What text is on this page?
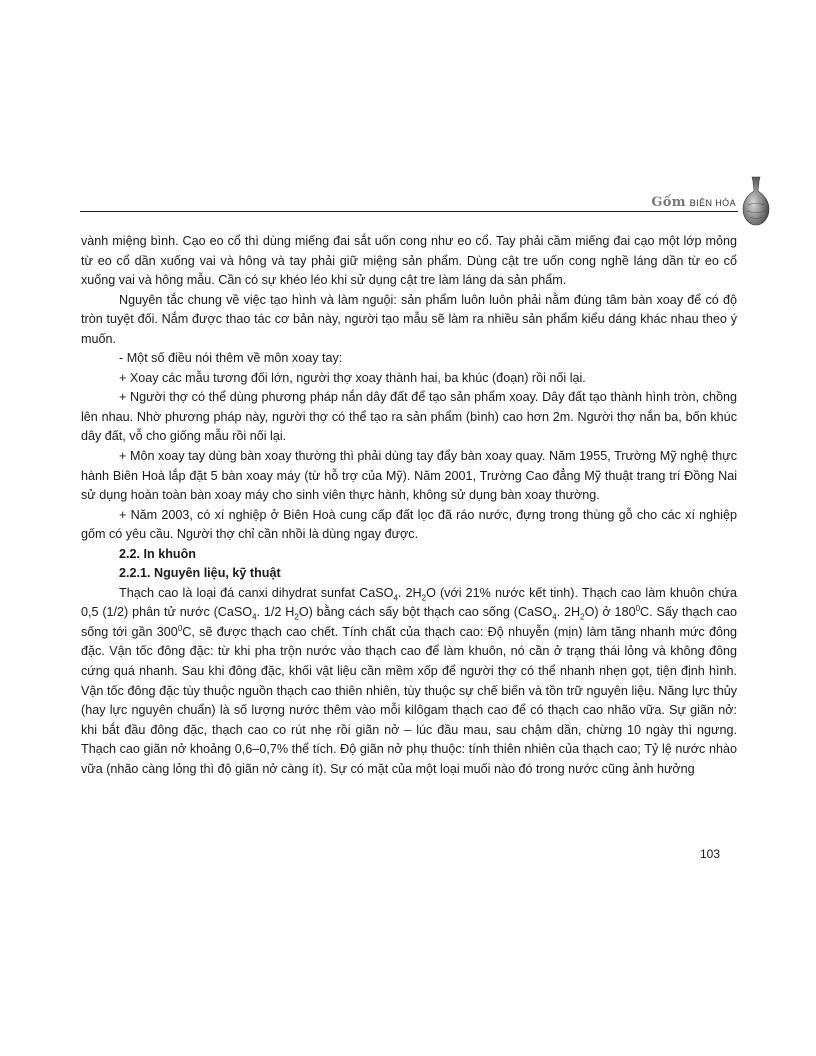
Gốm BIÊN HÒA

vành miệng bình. Cạo eo cổ thì dùng miếng đai sắt uốn cong như eo cổ. Tay phải cầm miếng đai cạo một lớp mỏng từ eo cổ dần xuống vai và hông và tay phải giữ miệng sản phẩm. Dùng cật tre uốn cong nghề láng dần từ eo cổ xuống vai và hông mẫu. Cần có sự khéo léo khi sử dụng cật tre làm láng da sản phẩm.

Nguyên tắc chung về việc tạo hình và làm nguội: sản phẩm luôn luôn phải nằm đúng tâm bàn xoay để có độ tròn tuyệt đối. Nắm được thao tác cơ bản này, người tạo mẫu sẽ làm ra nhiều sản phẩm kiểu dáng khác nhau theo ý muốn.

- Một số điều nói thêm về môn xoay tay:

+ Xoay các mẫu tương đối lớn, người thợ xoay thành hai, ba khúc (đoạn) rồi nối lại.

+ Người thợ có thể dùng phương pháp nắn dây đất để tạo sản phẩm xoay. Dây đất tạo thành hình tròn, chồng lên nhau. Nhờ phương pháp này, người thợ có thể tạo ra sản phẩm (bình) cao hơn 2m. Người thợ nắn ba, bốn khúc dây đất, vỗ cho giống mẫu rồi nối lại.

+ Môn xoay tay dùng bàn xoay thường thì phải dùng tay đẩy bàn xoay quay. Năm 1955, Trường Mỹ nghệ thực hành Biên Hoà lắp đặt 5 bàn xoay máy (từ hỗ trợ của Mỹ). Năm 2001, Trường Cao đẳng Mỹ thuật trang trí Đồng Nai sử dụng hoàn toàn bàn xoay máy cho sinh viên thực hành, không sử dụng bàn xoay thường.

+ Năm 2003, có xí nghiệp ở Biên Hoà cung cấp đất lọc đã ráo nước, đựng trong thùng gỗ cho các xí nghiệp gốm có yêu cầu. Người thợ chỉ cần nhồi là dùng ngay được.

2.2. In khuôn

2.2.1. Nguyên liệu, kỹ thuật

Thạch cao là loại đá canxi dihydrat sunfat CaSO$_4$. $2H_2O$ (với 21% nước kết tinh). Thạch cao làm khuôn chứa 0,5 (1/2) phân tử nước (CaSO$_4$. 1/2 $H_2O$) bằng cách sấy bột thạch cao sống (CaSO$_4$. $2H_2O$) ở $180^0C$. Sấy thạch cao sống tới gần $300^0C$, sẽ được thạch cao chết. Tính chất của thạch cao: Độ nhuyễn (mịn) làm tăng nhanh mức đông đặc. Vận tốc đông đặc: từ khi pha trộn nước vào thạch cao để làm khuôn, nó cần ở trạng thái lỏng và không đông cứng quá nhanh. Sau khi đông đặc, khối vật liệu cần mềm xốp để người thợ có thể nhanh nhẹn gọt, tiện định hình. Vận tốc đông đặc tùy thuộc nguồn thạch cao thiên nhiên, tùy thuộc sự chế biến và tồn trữ nguyên liệu. Năng lực thủy (hay lực nguyên chuẩn) là số lượng nước thêm vào mỗi kilôgam thạch cao để có thạch cao nhão vữa. Sự giãn nở: khi bắt đầu đông đặc, thạch cao co rút nhẹ rồi giãn nở – lúc đầu mau, sau chậm dần, chừng 10 ngày thì ngưng. Thạch cao giãn nở khoảng 0,6–0,7% thể tích. Độ giãn nở phụ thuộc: tính thiên nhiên của thạch cao; Tỷ lệ nước nhào vữa (nhão càng lỏng thì độ giãn nở càng ít). Sự có mặt của một loại muối nào đó trong nước cũng ảnh hưởng

103
